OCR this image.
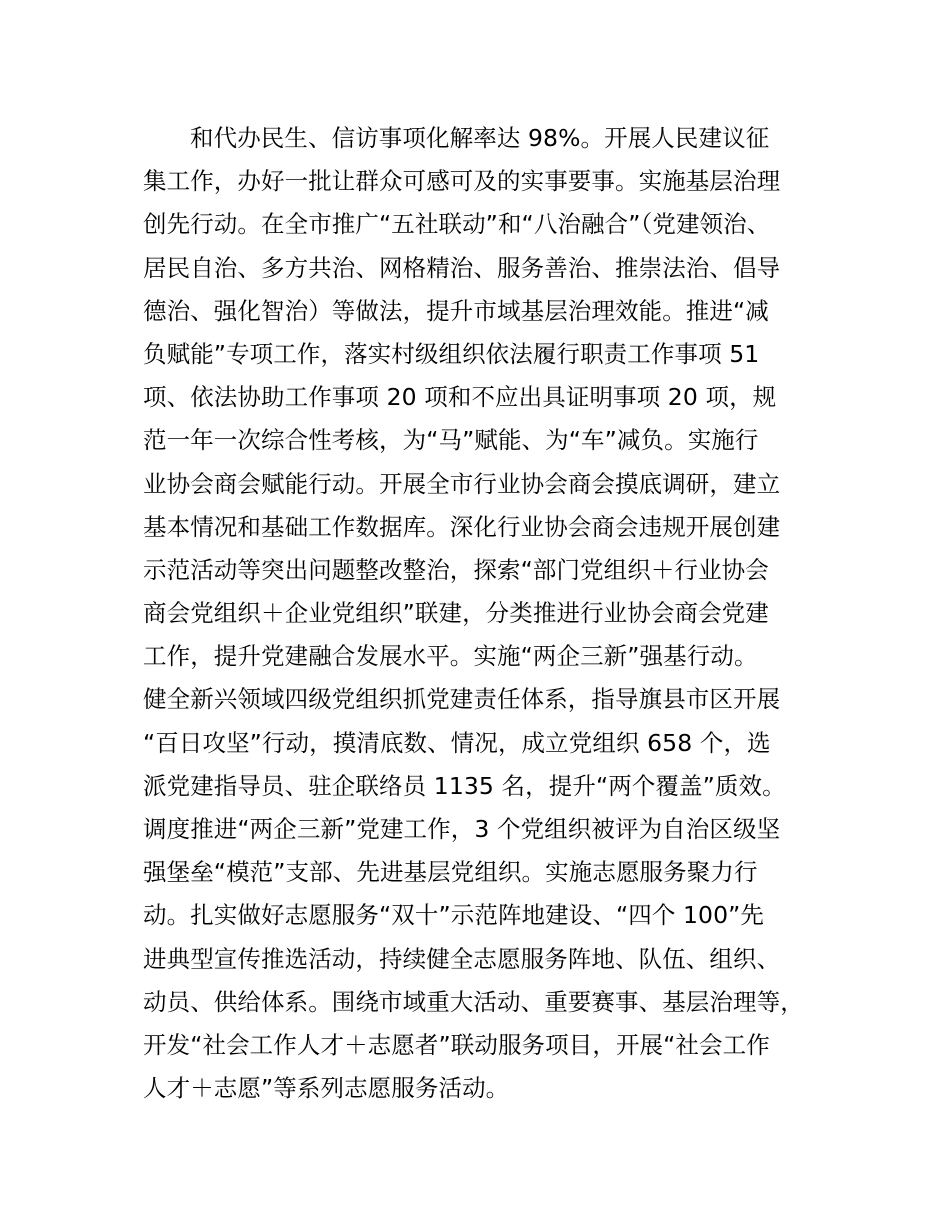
和代办民生、信访事项化解率达 98%。开展人民建议征
集工作，办好一批让群众可感可及的实事要事。实施基层治理
创先行动。在全市推广“五社联动”和“八治融合”（党建领治、
居民自治、多方共治、网格精治、服务善治、推崇法治、倡导
德治、强化智治）等做法，提升市域基层治理效能。推进“减
负赋能”专项工作，落实村级组织依法履行职责工作事项 51
项、依法协助工作事项 20 项和不应出具证明事项 20 项，规
范一年一次综合性考核，为“马”赋能、为“车”减负。实施行
业协会商会赋能行动。开展全市行业协会商会摸底调研，建立
基本情况和基础工作数据库。深化行业协会商会违规开展创建
示范活动等突出问题整改整治，探索“部门党组织＋行业协会
商会党组织＋企业党组织”联建，分类推进行业协会商会党建
工作，提升党建融合发展水平。实施“两企三新”强基行动。
健全新兴领域四级党组织抓党建责任体系，指导旗县市区开展
“百日攻坚”行动，摸清底数、情况，成立党组织 658 个，选
派党建指导员、驻企联络员 1135 名，提升“两个覆盖”质效。
调度推进“两企三新”党建工作，3 个党组织被评为自治区级坚
强堡垒“模范”支部、先进基层党组织。实施志愿服务聚力行
动。扎实做好志愿服务“双十”示范阵地建设、“四个 100”先
进典型宣传推选活动，持续健全志愿服务阵地、队伍、组织、
动员、供给体系。围绕市域重大活动、重要赛事、基层治理等，
开发“社会工作人才＋志愿者”联动服务项目，开展“社会工作
人才＋志愿”等系列志愿服务活动。
